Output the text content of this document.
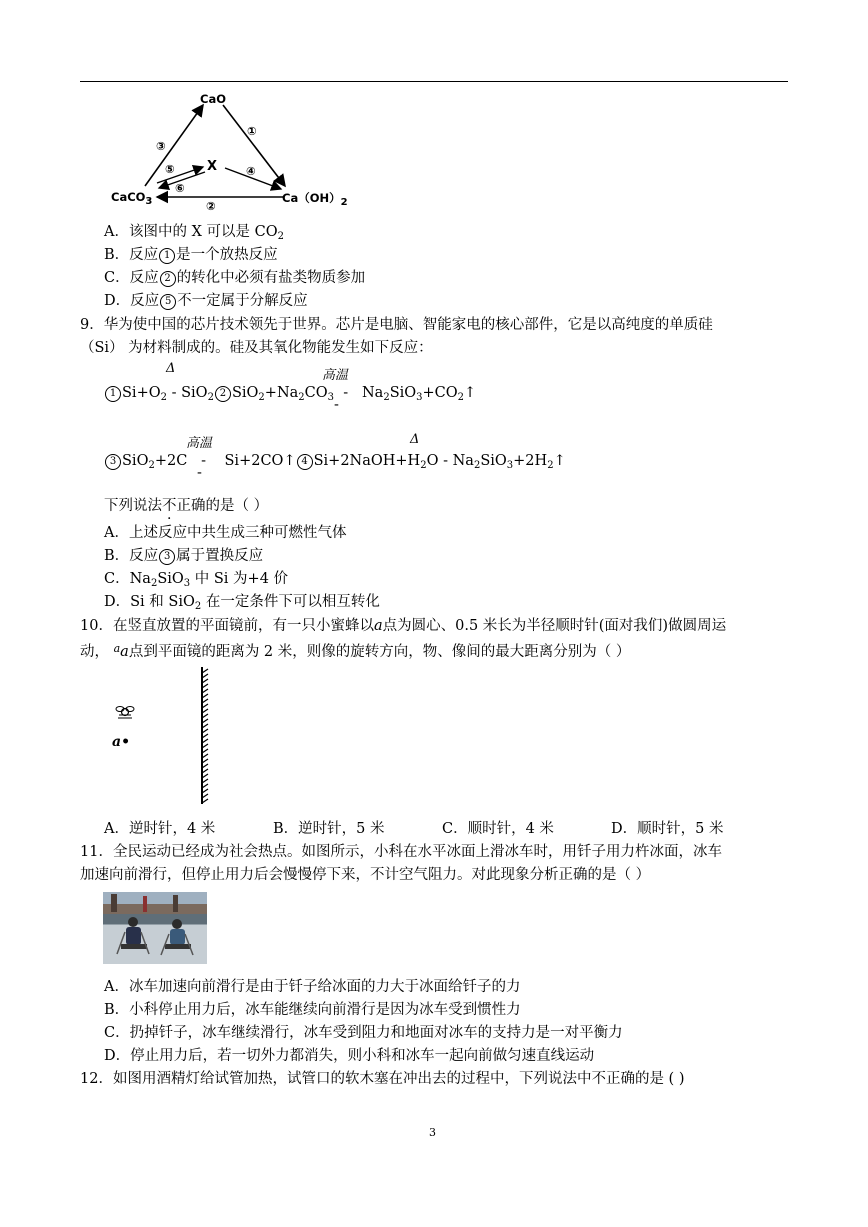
CaO
X
CaCO3	Ca（OH）2
③
①
②
④
⑤
⑥
A．该图中的 X 可以是 $CO_2$
B．反应 1 是一个放热反应
C．反应 2 的转化中必须有盐类物质参加
D．反应 5 不一定属于分解反应
9．华为使中国的芯片技术领先于世界。芯片是电脑、智能家电的核心部件，它是以高纯度的单质硅
（Si） 为材料制成的。硅及其氧化物能发生如下反应：
Δ	高温
1 $Si+O_2 - SiO_2$ 2 $SiO_2+Na_2CO_3$  -   $Na_2SiO_3+CO_2↑$
-
高温	Δ
3 SiO$_2$+2C   -    Si+2CO↑ 4 $Si+2NaOH+H_2O$ - $Na_2SiO_3+2H_2↑$
-
下列说法不正确的是（ ）
A．上述反应中共生成三种可燃性气体
B．反应 3 属于置换反应
C．$Na_2SiO_3$ 中 Si 为+4 价
D．Si 和 SiO$_2$ 在一定条件下可以相互转化
10．在竖直放置的平面镜前，有一只小蜜蜂以a点为圆心、0.5 米长为半径顺时针(面对我们)做圆周运
动， $^a$a点到平面镜的距离为 2 米，则像的旋转方向，物、像间的最大距离分别为（ ）
a•
A．逆时针，4 米	B．逆时针，5 米	C．顺时针，4 米	D．顺时针，5 米
11．全民运动已经成为社会热点。如图所示，小科在水平冰面上滑冰车时，用钎子用力杵冰面，冰车
加速向前滑行，但停止用力后会慢慢停下来，不计空气阻力。对此现象分析正确的是（ ）
A．冰车加速向前滑行是由于钎子给冰面的力大于冰面给钎子的力
B．小科停止用力后，冰车能继续向前滑行是因为冰车受到惯性力
C．扔掉钎子，冰车继续滑行，冰车受到阻力和地面对冰车的支持力是一对平衡力
D．停止用力后，若一切外力都消失，则小科和冰车一起向前做匀速直线运动
12．如图用酒精灯给试管加热，试管口的软木塞在冲出去的过程中，下列说法中不正确的是 ( )
3
